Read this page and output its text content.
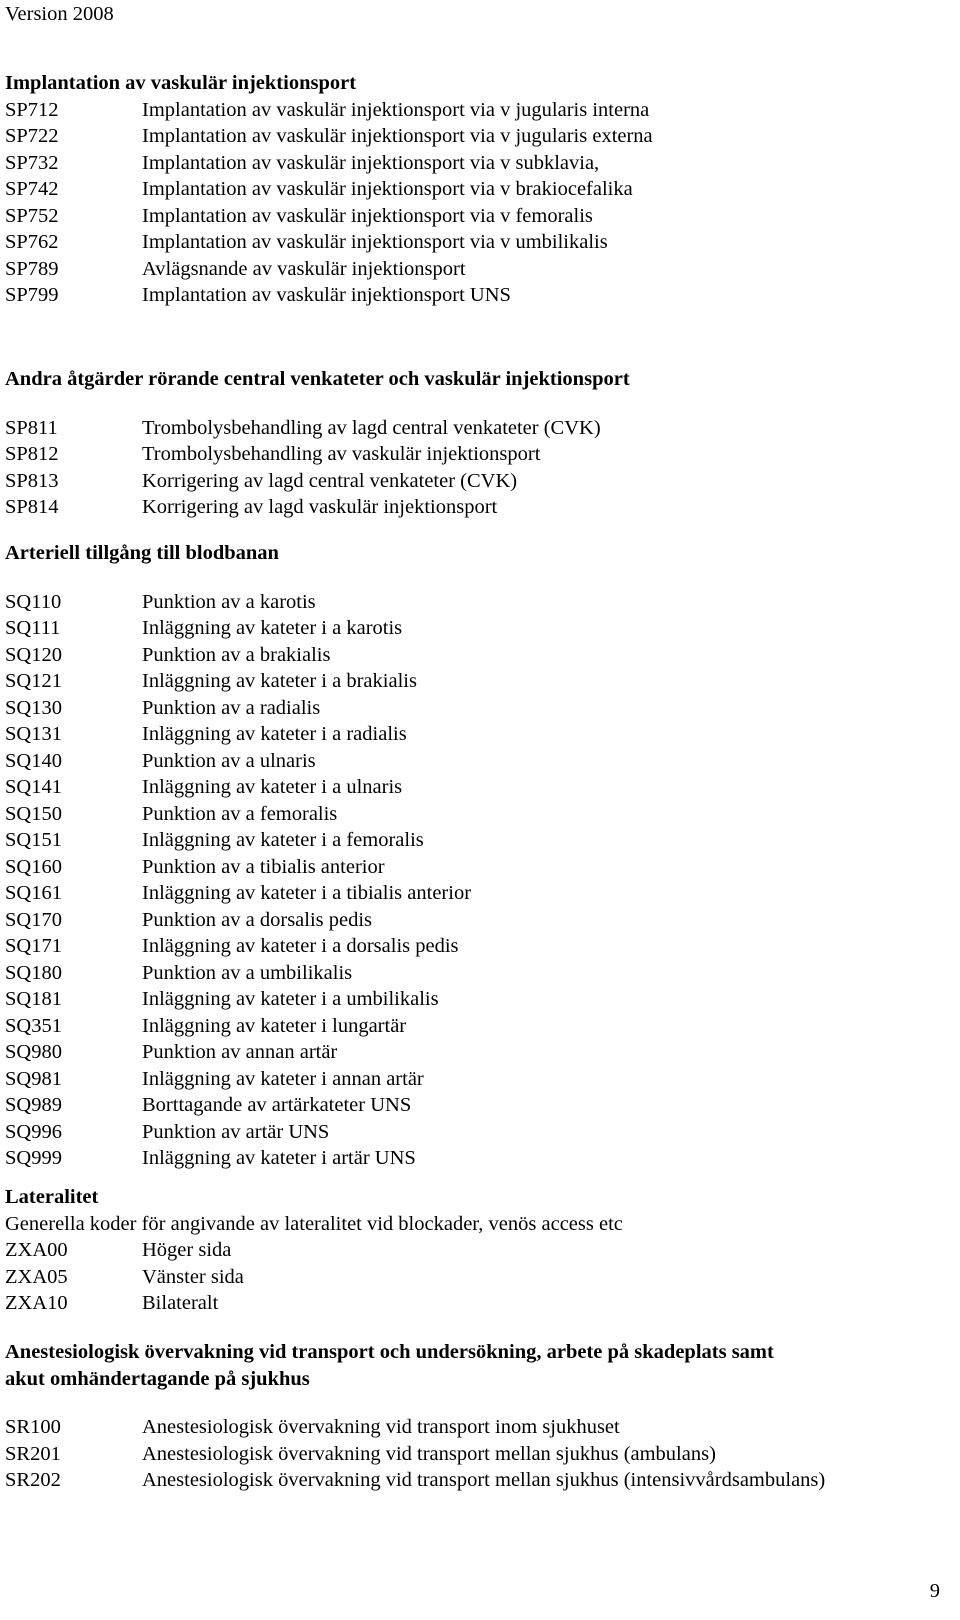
Version 2008
Implantation av vaskulär injektionsport
SP712	Implantation av vaskulär injektionsport via v jugularis interna
SP722	Implantation av vaskulär injektionsport via v jugularis externa
SP732	Implantation av vaskulär injektionsport via v subklavia,
SP742	Implantation av vaskulär injektionsport via v brakiocefalika
SP752	Implantation av vaskulär injektionsport via v femoralis
SP762	Implantation av vaskulär injektionsport via v umbilikalis
SP789	Avlägsnande av vaskulär injektionsport
SP799	Implantation av vaskulär injektionsport UNS
Andra åtgärder rörande central venkateter och vaskulär injektionsport
SP811	Trombolysbehandling av lagd central venkateter (CVK)
SP812	Trombolysbehandling av vaskulär injektionsport
SP813	Korrigering av lagd central venkateter (CVK)
SP814	Korrigering av lagd vaskulär injektionsport
Arteriell tillgång till blodbanan
SQ110	Punktion av a karotis
SQ111	Inläggning av kateter i a karotis
SQ120	Punktion av a brakialis
SQ121	Inläggning av kateter i a brakialis
SQ130	Punktion av a radialis
SQ131	Inläggning av kateter i a radialis
SQ140	Punktion av a ulnaris
SQ141	Inläggning av kateter i a ulnaris
SQ150	Punktion av a femoralis
SQ151	Inläggning av kateter i a femoralis
SQ160	Punktion av a tibialis anterior
SQ161	Inläggning av kateter i a tibialis anterior
SQ170	Punktion av a dorsalis pedis
SQ171	Inläggning av kateter i a dorsalis pedis
SQ180	Punktion av a umbilikalis
SQ181	Inläggning av kateter i a umbilikalis
SQ351	Inläggning av kateter i lungartär
SQ980	Punktion av annan artär
SQ981	Inläggning av kateter i annan artär
SQ989	Borttagande av artärkateter UNS
SQ996	Punktion av artär UNS
SQ999	Inläggning av kateter i artär UNS
Lateralitet
Generella koder för angivande av lateralitet vid blockader, venös access etc
ZXA00	Höger sida
ZXA05	Vänster sida
ZXA10	Bilateralt
Anestesiologisk övervakning vid transport och undersökning, arbete på skadeplats samt
akut omhändertagande på sjukhus
SR100	Anestesiologisk övervakning vid transport inom sjukhuset
SR201	Anestesiologisk övervakning vid transport mellan sjukhus (ambulans)
SR202	Anestesiologisk övervakning vid transport mellan sjukhus (intensivvårdsambulans)
9
